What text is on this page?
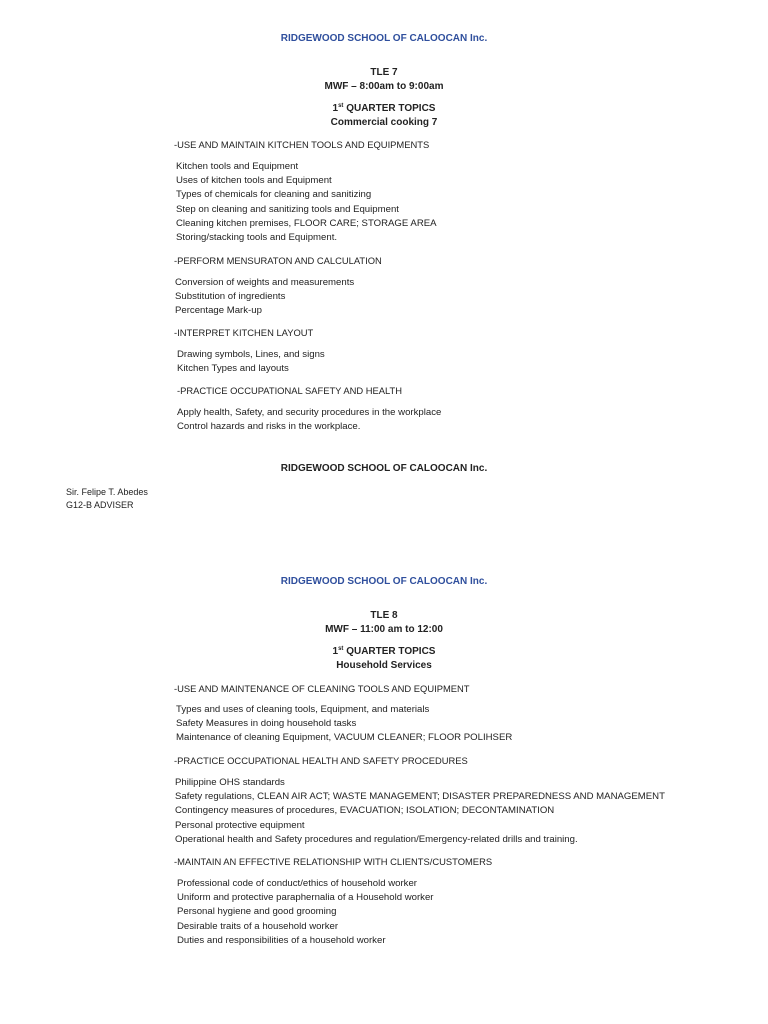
RIDGEWOOD SCHOOL OF CALOOCAN Inc.
TLE 7
MWF – 8:00am to 9:00am
1st QUARTER TOPICS
Commercial cooking 7
-USE AND MAINTAIN KITCHEN TOOLS AND EQUIPMENTS
Kitchen tools and Equipment
Uses of kitchen tools and Equipment
Types of chemicals for cleaning and sanitizing
Step on cleaning and sanitizing tools and Equipment
Cleaning kitchen premises, FLOOR CARE; STORAGE AREA
Storing/stacking tools and Equipment.
-PERFORM MENSURATON AND CALCULATION
Conversion of weights and measurements
Substitution of ingredients
Percentage Mark-up
-INTERPRET KITCHEN LAYOUT
Drawing symbols, Lines, and signs
Kitchen Types and layouts
-PRACTICE OCCUPATIONAL SAFETY AND HEALTH
Apply health, Safety, and security procedures in the workplace
Control hazards and risks in the workplace.
RIDGEWOOD SCHOOL OF CALOOCAN Inc.
Sir. Felipe T. Abedes
G12-B ADVISER
RIDGEWOOD SCHOOL OF CALOOCAN Inc.
TLE 8
MWF – 11:00 am to 12:00
1st QUARTER TOPICS
Household Services
-USE AND MAINTENANCE OF CLEANING TOOLS AND EQUIPMENT
Types and uses of cleaning tools, Equipment, and materials
Safety Measures in doing household tasks
Maintenance of cleaning Equipment, VACUUM CLEANER; FLOOR POLIHSER
-PRACTICE OCCUPATIONAL HEALTH AND SAFETY PROCEDURES
Philippine OHS standards
Safety regulations, CLEAN AIR ACT; WASTE MANAGEMENT; DISASTER PREPAREDNESS AND MANAGEMENT
Contingency measures of procedures, EVACUATION; ISOLATION; DECONTAMINATION
Personal protective equipment
Operational health and Safety procedures and regulation/Emergency-related drills and training.
-MAINTAIN AN EFFECTIVE RELATIONSHIP WITH CLIENTS/CUSTOMERS
Professional code of conduct/ethics of household worker
Uniform and protective paraphernalia of a Household worker
Personal hygiene and good grooming
Desirable traits of a household worker
Duties and responsibilities of a household worker
